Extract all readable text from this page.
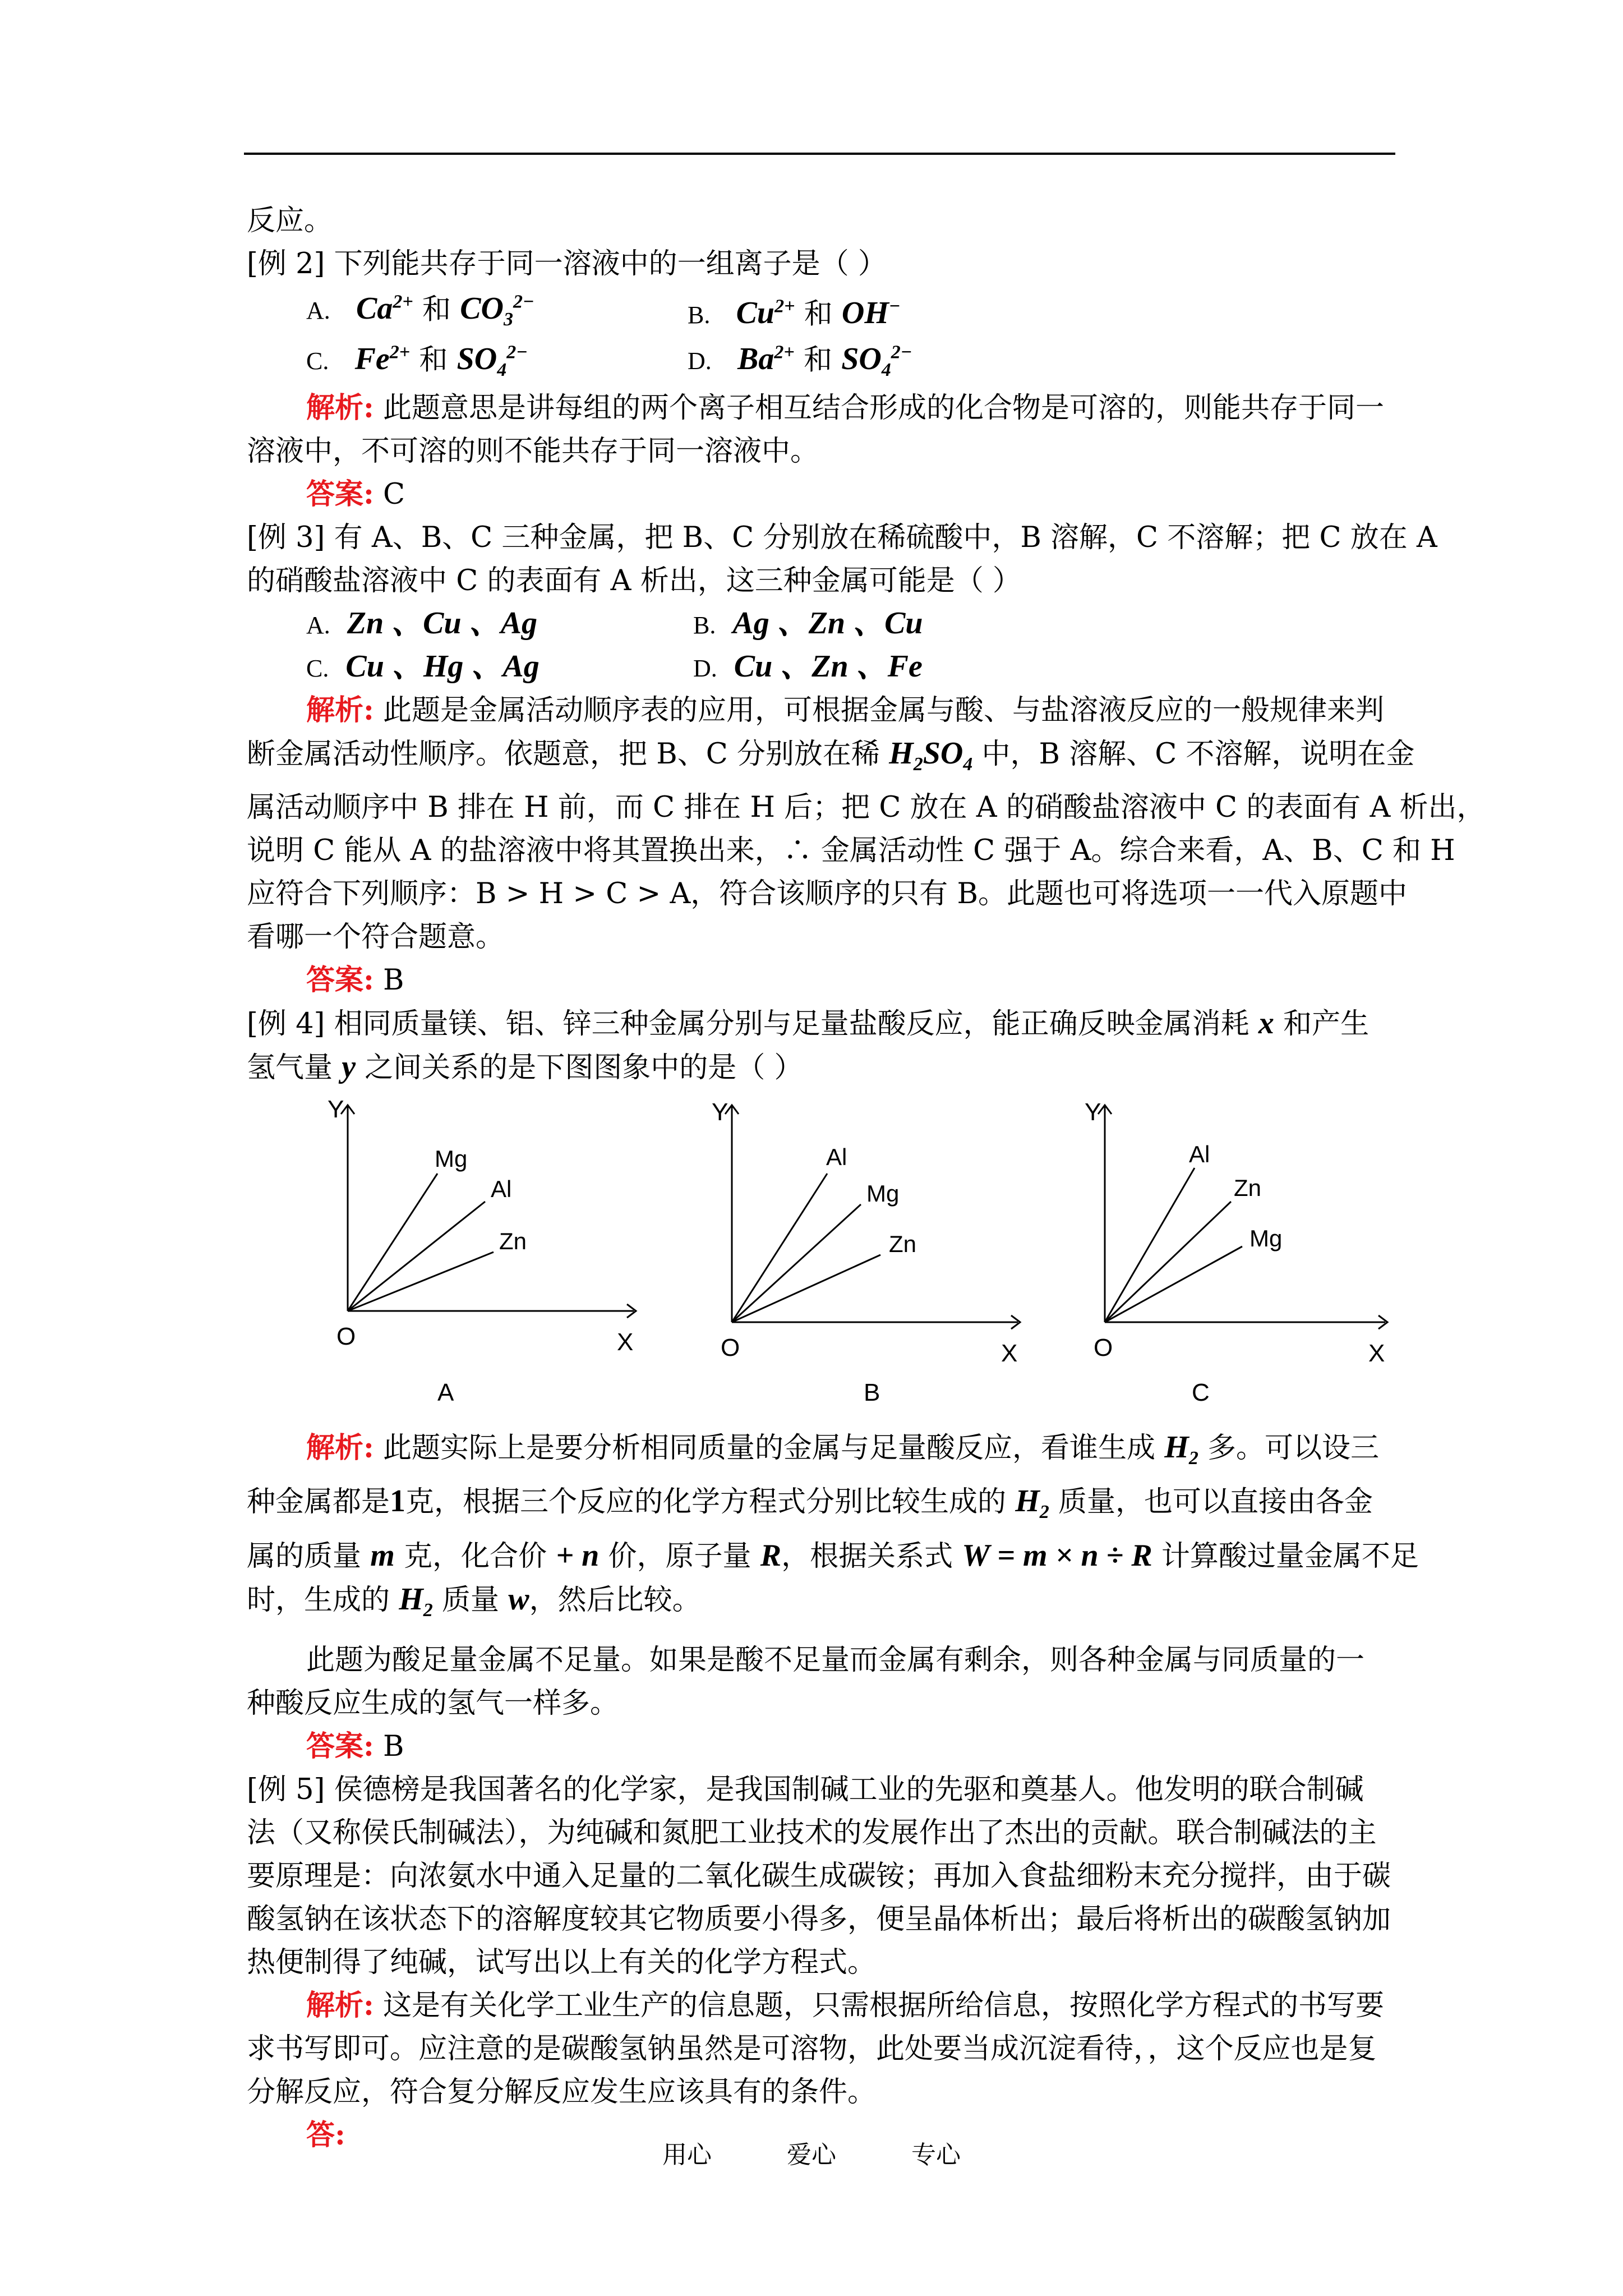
反应。
[例 2] 下列能共存于同一溶液中的一组离子是（ ）
A. $Ca^{2+}$ 和 $CO_3^{2-}$	B. $Cu^{2+}$ 和 OH−
C. $Fe^{2+}$ 和 $SO_4^{2-}$	D. $Ba^{2+}$ 和 $SO_4^{2-}$
解析: 此题意思是讲每组的两个离子相互结合形成的化合物是可溶的，则能共存于同一
溶液中，不可溶的则不能共存于同一溶液中。
答案: C
[例 3] 有 A、B、C 三种金属，把 B、C 分别放在稀硫酸中，B 溶解，C 不溶解；把 C 放在 A
的硝酸盐溶液中 C 的表面有 A 析出，这三种金属可能是（ ）
A. Zn 、Cu 、Ag	B. Ag 、Zn 、Cu
C. Cu 、Hg 、Ag	D. Cu 、Zn 、Fe
解析: 此题是金属活动顺序表的应用，可根据金属与酸、与盐溶液反应的一般规律来判
断金属活动性顺序。依题意，把 B、C 分别放在稀 $H_2SO_4$ 中，B 溶解、C 不溶解，说明在金
属活动顺序中 B 排在 H 前，而 C 排在 H 后；把 C 放在 A 的硝酸盐溶液中 C 的表面有 A 析出，
说明 C 能从 A 的盐溶液中将其置换出来，∴ 金属活动性 C 强于 A。综合来看，A、B、C 和 H
应符合下列顺序：B > H > C > A，符合该顺序的只有 B。此题也可将选项一一代入原题中
看哪一个符合题意。
答案: B
[例 4] 相同质量镁、铝、锌三种金属分别与足量盐酸反应，能正确反映金属消耗 x 和产生
氢气量 y 之间关系的是下图图象中的是（ ）
Y
O	X
Mg
Al
Zn
A
Y
O	X
Al
Mg
Zn
B
Y
O	X
Al
Zn
Mg
C
解析: 此题实际上是要分析相同质量的金属与足量酸反应，看谁生成 $H_2$ 多。可以设三
种金属都是1克，根据三个反应的化学方程式分别比较生成的 $H_2$ 质量，也可以直接由各金
属的质量 m 克，化合价 + n 价，原子量 R，根据关系式 W = m × n ÷ R 计算酸过量金属不足
时，生成的 $H_2$ 质量 w，然后比较。
此题为酸足量金属不足量。如果是酸不足量而金属有剩余，则各种金属与同质量的一
种酸反应生成的氢气一样多。
答案: B
[例 5] 侯德榜是我国著名的化学家，是我国制碱工业的先驱和奠基人。他发明的联合制碱
法（又称侯氏制碱法），为纯碱和氮肥工业技术的发展作出了杰出的贡献。联合制碱法的主
要原理是：向浓氨水中通入足量的二氧化碳生成碳铵；再加入食盐细粉末充分搅拌，由于碳
酸氢钠在该状态下的溶解度较其它物质要小得多，便呈晶体析出；最后将析出的碳酸氢钠加
热便制得了纯碱，试写出以上有关的化学方程式。
解析: 这是有关化学工业生产的信息题，只需根据所给信息，按照化学方程式的书写要
求书写即可。应注意的是碳酸氢钠虽然是可溶物，此处要当成沉淀看待，，这个反应也是复
分解反应，符合复分解反应发生应该具有的条件。
答:
用心	爱心	专心
